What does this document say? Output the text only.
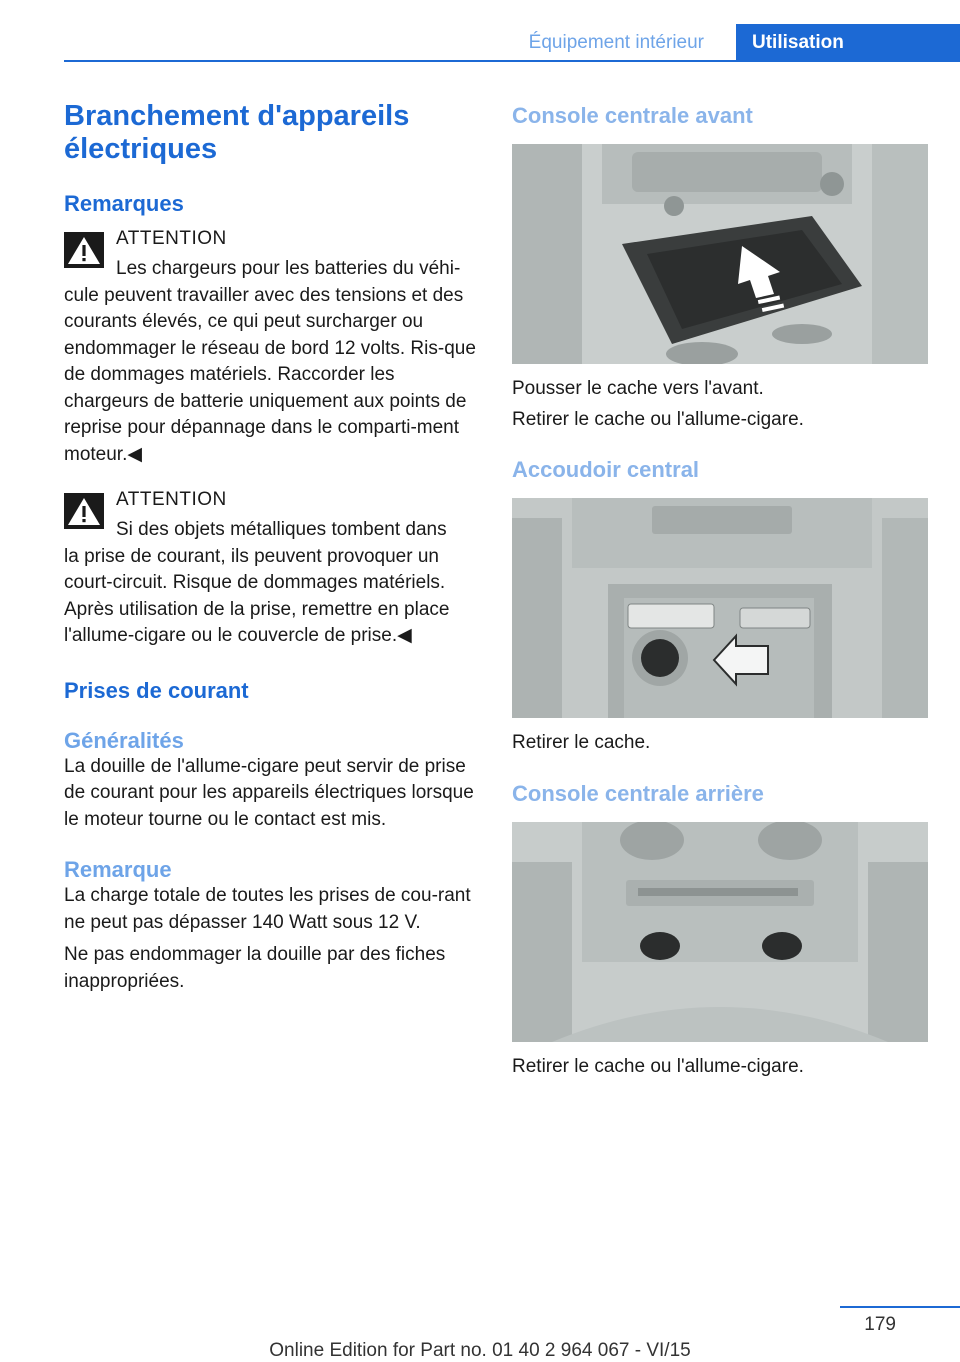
Équipement intérieur	Utilisation
Branchement d'appareils
électriques
Remarques
ATTENTION

Les chargeurs pour les batteries du véhi‐

cule peuvent travailler avec des tensions et des courants élevés, ce qui peut surcharger ou endommager le réseau de bord 12 volts. Ris‐que de dommages matériels. Raccorder les chargeurs de batterie uniquement aux points de reprise pour dépannage dans le comparti‐ment moteur.◀

ATTENTION

Si des objets métalliques tombent dans

la prise de courant, ils peuvent provoquer un court-circuit. Risque de dommages matériels. Après utilisation de la prise, remettre en place l'allume-cigare ou le couvercle de prise.◀

Prises de courant
Généralités

La douille de l'allume-cigare peut servir de prise de courant pour les appareils électriques lorsque le moteur tourne ou le contact est mis.

Remarque

La charge totale de toutes les prises de cou‐rant ne peut pas dépasser 140 Watt sous 12 V.

Ne pas endommager la douille par des fiches inappropriées.

Console centrale avant

Pousser le cache vers l'avant.

Retirer le cache ou l'allume-cigare.

Accoudoir central

Retirer le cache.

Console centrale arrière

Retirer le cache ou l'allume-cigare.

179
Online Edition for Part no. 01 40 2 964 067 - VI/15
